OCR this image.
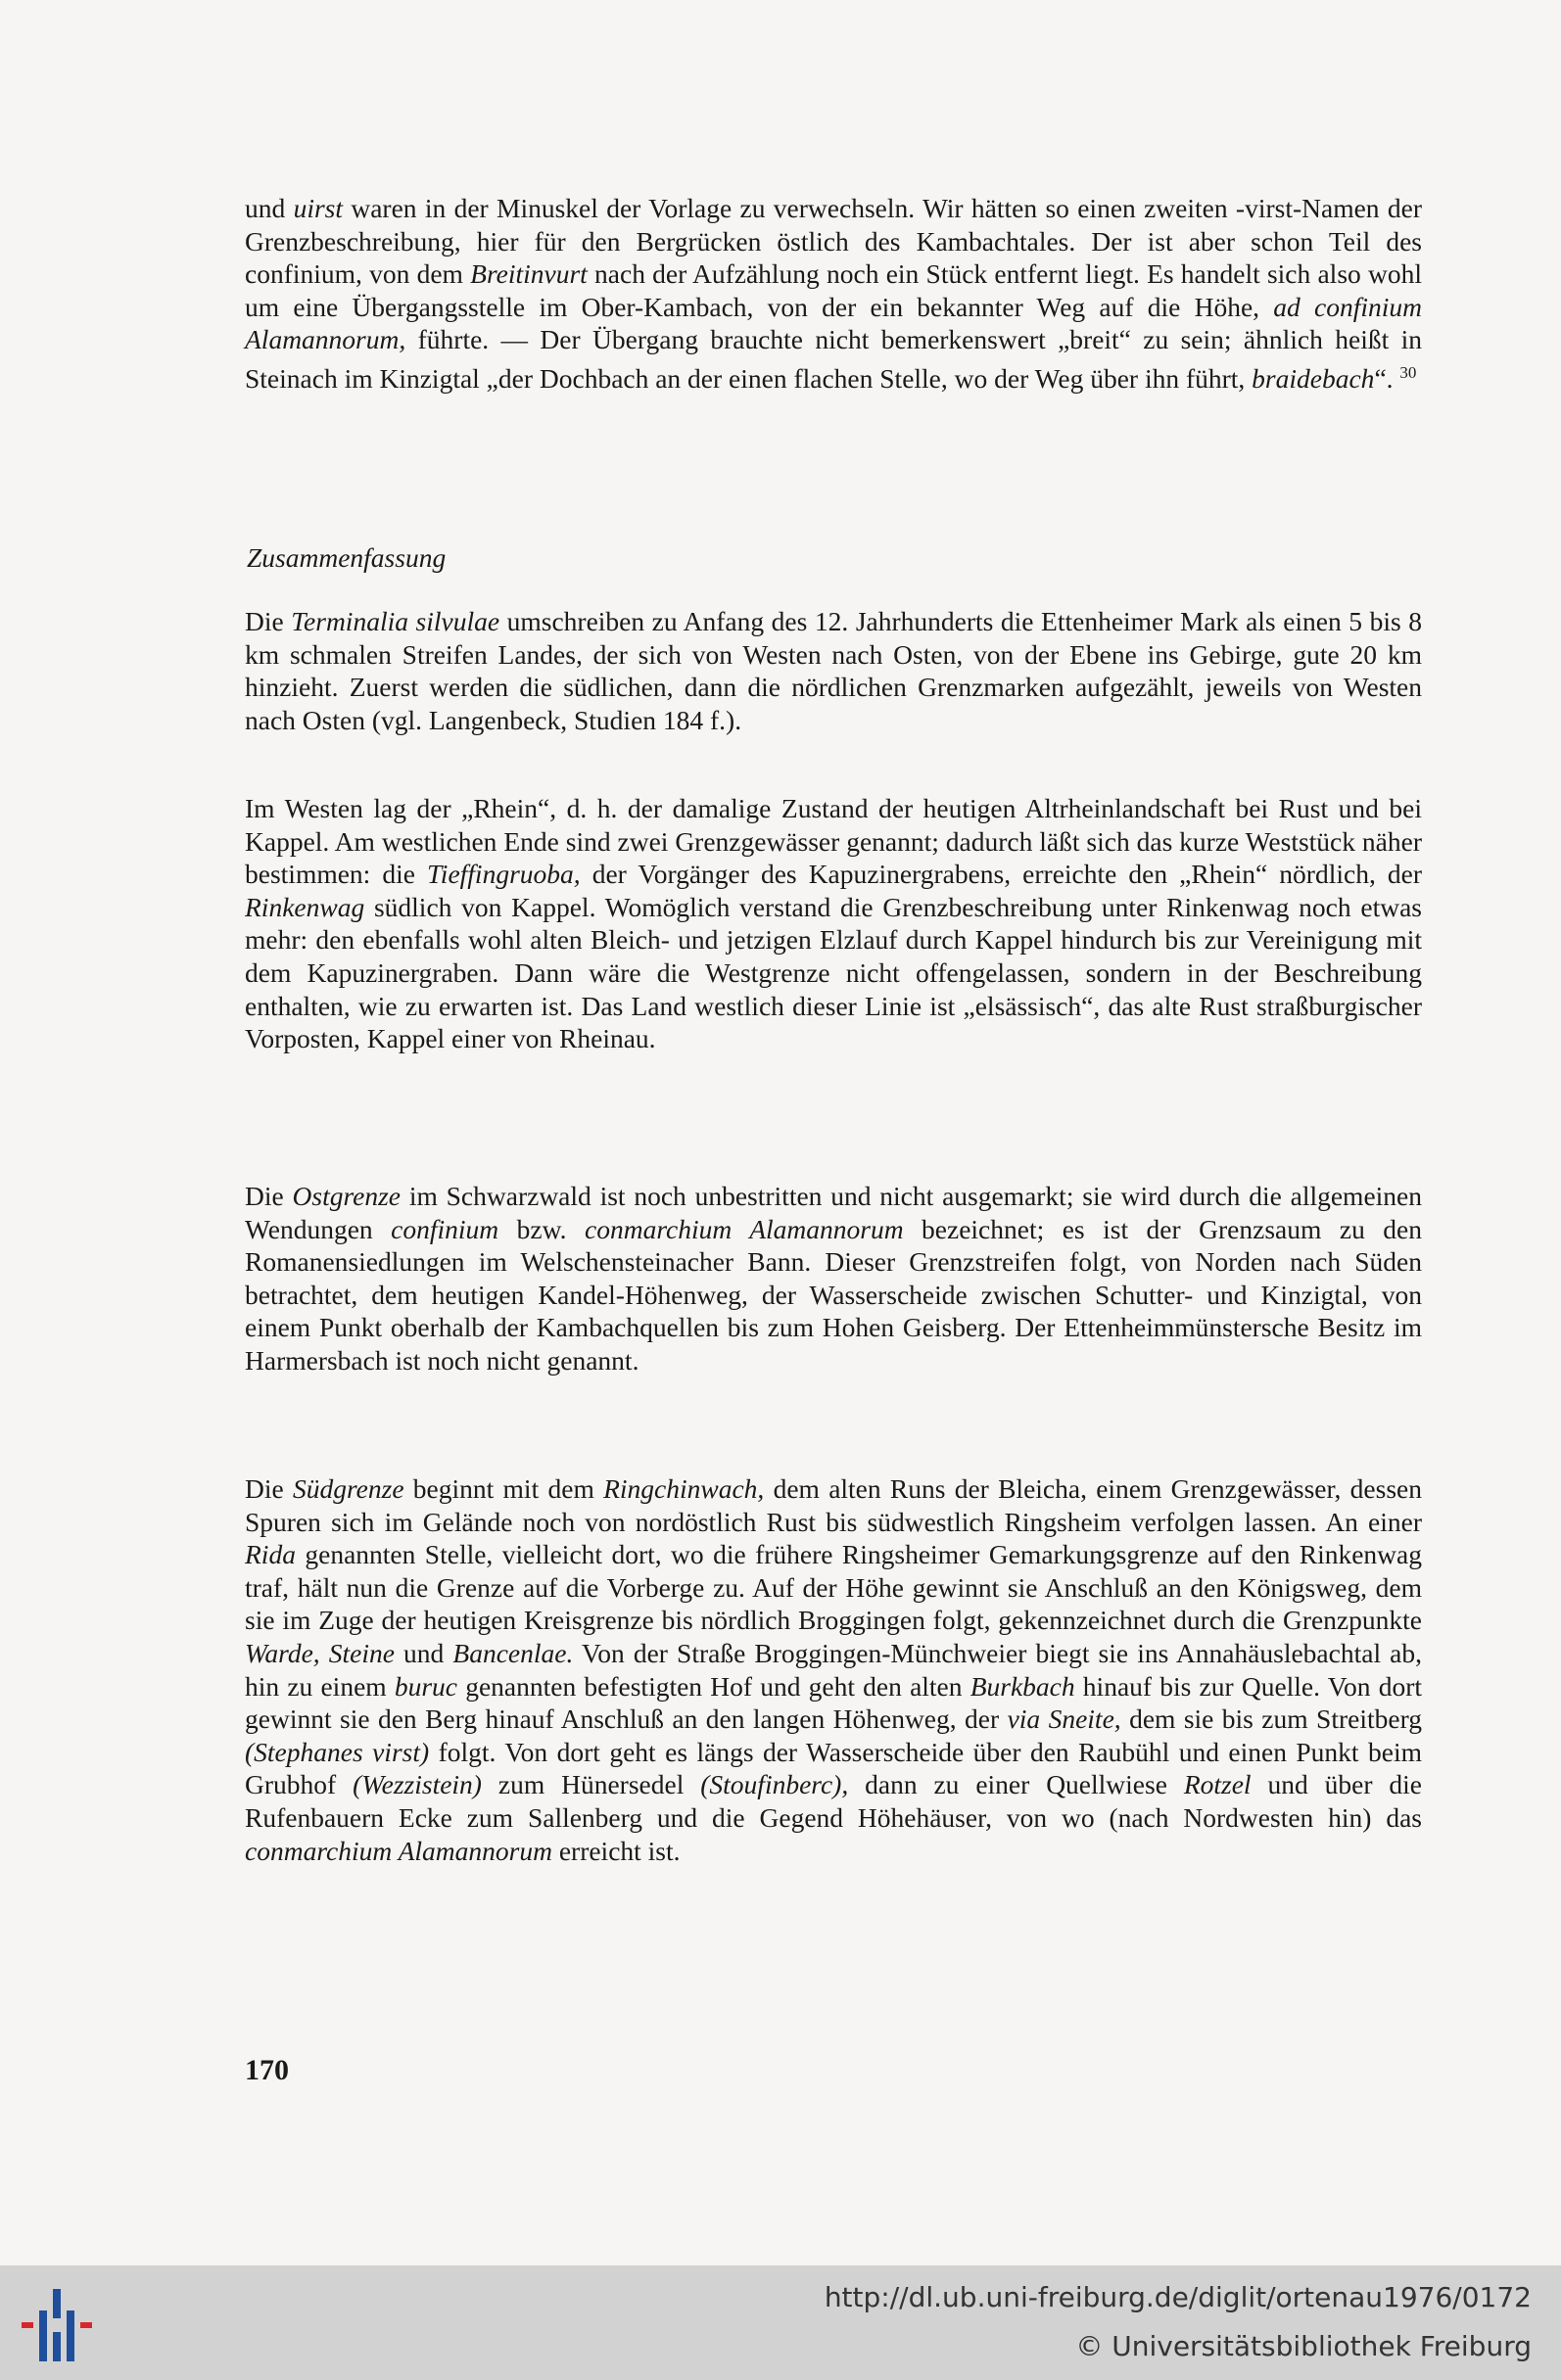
und uirst waren in der Minuskel der Vorlage zu verwechseln. Wir hätten so einen zweiten -virst-Namen der Grenzbeschreibung, hier für den Bergrücken östlich des Kambachtales. Der ist aber schon Teil des confinium, von dem Breitinvurt nach der Aufzählung noch ein Stück entfernt liegt. Es handelt sich also wohl um eine Übergangsstelle im Ober-Kambach, von der ein bekannter Weg auf die Höhe, ad confinium Alamannorum, führte. — Der Übergang brauchte nicht bemerkenswert „breit“ zu sein; ähnlich heißt in Steinach im Kinzigtal „der Dochbach an der einen flachen Stelle, wo der Weg über ihn führt, braidebach“. $^{30}$

Zusammenfassung

Die Terminalia silvulae umschreiben zu Anfang des 12. Jahrhunderts die Ettenheimer Mark als einen 5 bis 8 km schmalen Streifen Landes, der sich von Westen nach Osten, von der Ebene ins Gebirge, gute 20 km hinzieht. Zuerst werden die südlichen, dann die nördlichen Grenzmarken aufgezählt, jeweils von Westen nach Osten (vgl. Langenbeck, Studien 184 f.).

Im Westen lag der „Rhein“, d. h. der damalige Zustand der heutigen Altrheinlandschaft bei Rust und bei Kappel. Am westlichen Ende sind zwei Grenzgewässer genannt; dadurch läßt sich das kurze Weststück näher bestimmen: die Tieffingruoba, der Vorgänger des Kapuzinergrabens, erreichte den „Rhein“ nördlich, der Rinkenwag südlich von Kappel. Womöglich verstand die Grenzbeschreibung unter Rinkenwag noch etwas mehr: den ebenfalls wohl alten Bleich- und jetzigen Elzlauf durch Kappel hindurch bis zur Vereinigung mit dem Kapuzinergraben. Dann wäre die Westgrenze nicht offengelassen, sondern in der Beschreibung enthalten, wie zu erwarten ist. Das Land westlich dieser Linie ist „elsässisch“, das alte Rust straßburgischer Vorposten, Kappel einer von Rheinau.

Die Ostgrenze im Schwarzwald ist noch unbestritten und nicht ausgemarkt; sie wird durch die allgemeinen Wendungen confinium bzw. conmarchium Alamannorum bezeichnet; es ist der Grenzsaum zu den Romanensiedlungen im Welschensteinacher Bann. Dieser Grenzstreifen folgt, von Norden nach Süden betrachtet, dem heutigen Kandel-Höhenweg, der Wasserscheide zwischen Schutter- und Kinzigtal, von einem Punkt oberhalb der Kambachquellen bis zum Hohen Geisberg. Der Ettenheimmünstersche Besitz im Harmersbach ist noch nicht genannt.

Die Südgrenze beginnt mit dem Ringchinwach, dem alten Runs der Bleicha, einem Grenzgewässer, dessen Spuren sich im Gelände noch von nordöstlich Rust bis südwestlich Ringsheim verfolgen lassen. An einer Rida genannten Stelle, vielleicht dort, wo die frühere Ringsheimer Gemarkungsgrenze auf den Rinkenwag traf, hält nun die Grenze auf die Vorberge zu. Auf der Höhe gewinnt sie Anschluß an den Königsweg, dem sie im Zuge der heutigen Kreisgrenze bis nördlich Broggingen folgt, gekennzeichnet durch die Grenzpunkte Warde, Steine und Bancenlae. Von der Straße Broggingen-Münchweier biegt sie ins Annahäuslebachtal ab, hin zu einem buruc genannten befestigten Hof und geht den alten Burkbach hinauf bis zur Quelle. Von dort gewinnt sie den Berg hinauf Anschluß an den langen Höhenweg, der via Sneite, dem sie bis zum Streitberg (Stephanes virst) folgt. Von dort geht es längs der Wasserscheide über den Raubühl und einen Punkt beim Grubhof (Wezzistein) zum Hünersedel (Stoufinberc), dann zu einer Quellwiese Rotzel und über die Rufenbauern Ecke zum Sallenberg und die Gegend Höhehäuser, von wo (nach Nordwesten hin) das conmarchium Alamannorum erreicht ist.

170
http://dl.ub.uni-freiburg.de/diglit/ortenau1976/0172
© Universitätsbibliothek Freiburg
